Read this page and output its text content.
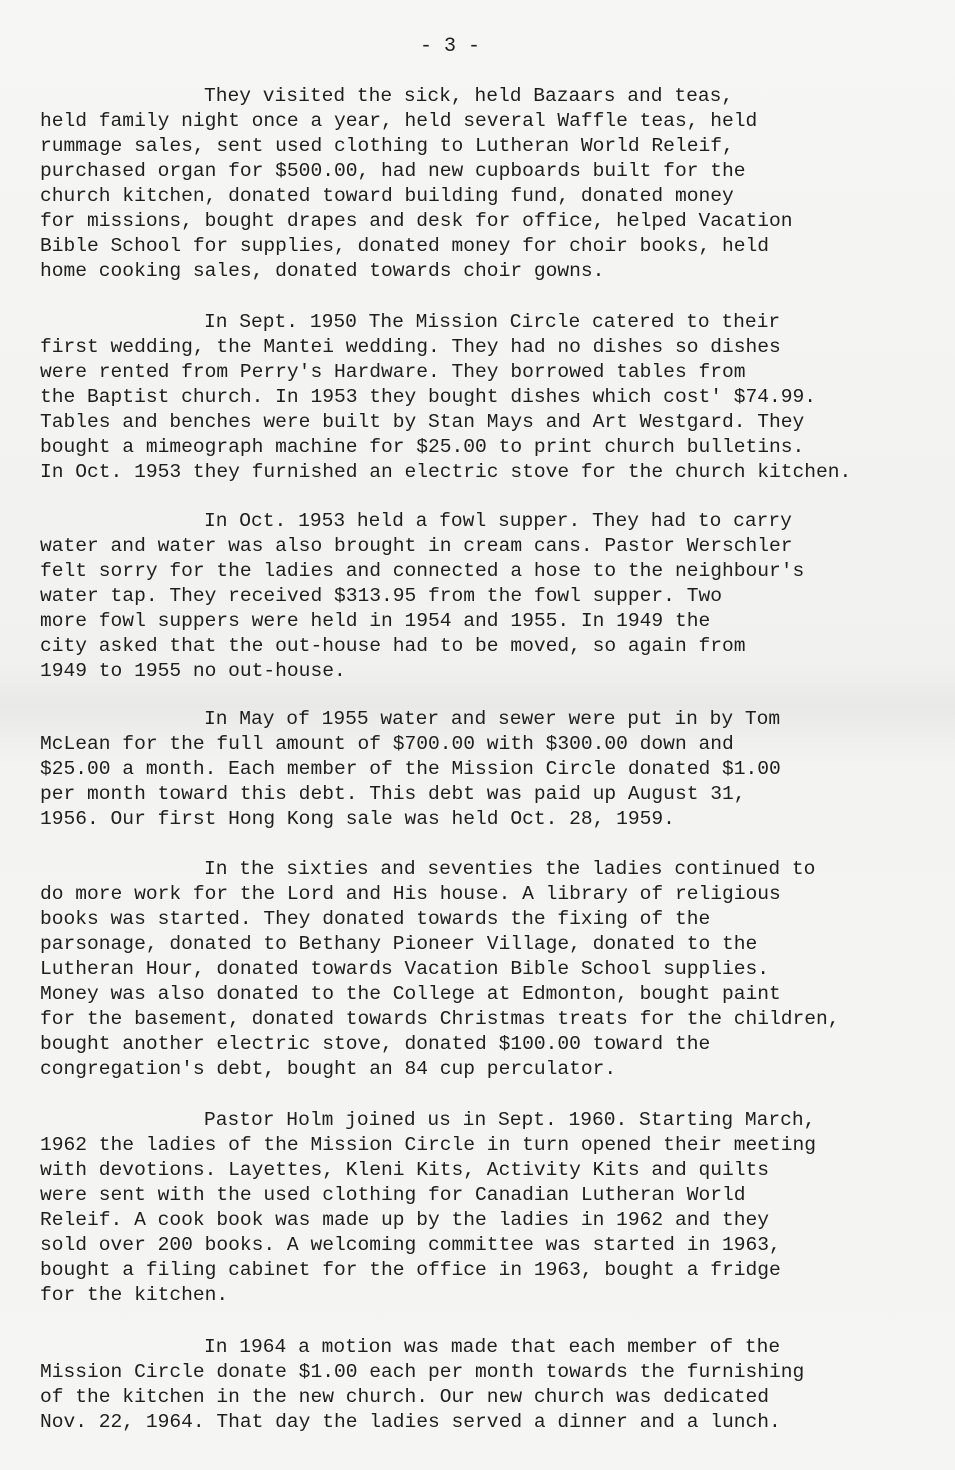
- 3 -
They visited the sick, held Bazaars and teas,
held family night once a year, held several Waffle teas, held
rummage sales, sent used clothing to Lutheran World Releif,
purchased organ for $500.00, had new cupboards built for the
church kitchen, donated toward building fund, donated money
for missions, bought drapes and desk for office, helped Vacation
Bible School for supplies, donated money for choir books, held
home cooking sales, donated towards choir gowns.
In Sept. 1950 The Mission Circle catered to their
first wedding, the Mantei wedding. They had no dishes so dishes
were rented from Perry's Hardware. They borrowed tables from
the Baptist church. In 1953 they bought dishes which cost' $74.99.
Tables and benches were built by Stan Mays and Art Westgard. They
bought a mimeograph machine for $25.00 to print church bulletins.
In Oct. 1953 they furnished an electric stove for the church kitchen.
In Oct. 1953 held a fowl supper. They had to carry
water and water was also brought in cream cans. Pastor Werschler
felt sorry for the ladies and connected a hose to the neighbour's
water tap. They received $313.95 from the fowl supper. Two
more fowl suppers were held in 1954 and 1955. In 1949 the
city asked that the out-house had to be moved, so again from
1949 to 1955 no out-house.
In May of 1955 water and sewer were put in by Tom
McLean for the full amount of $700.00 with $300.00 down and
$25.00 a month. Each member of the Mission Circle donated $1.00
per month toward this debt. This debt was paid up August 31,
1956. Our first Hong Kong sale was held Oct. 28, 1959.
In the sixties and seventies the ladies continued to
do more work for the Lord and His house. A library of religious
books was started. They donated towards the fixing of the
parsonage, donated to Bethany Pioneer Village, donated to the
Lutheran Hour, donated towards Vacation Bible School supplies.
Money was also donated to the College at Edmonton, bought paint
for the basement, donated towards Christmas treats for the children,
bought another electric stove, donated $100.00 toward the
congregation's debt, bought an 84 cup perculator.
Pastor Holm joined us in Sept. 1960. Starting March,
1962 the ladies of the Mission Circle in turn opened their meeting
with devotions. Layettes, Kleni Kits, Activity Kits and quilts
were sent with the used clothing for Canadian Lutheran World
Releif. A cook book was made up by the ladies in 1962 and they
sold over 200 books. A welcoming committee was started in 1963,
bought a filing cabinet for the office in 1963, bought a fridge
for the kitchen.
In 1964 a motion was made that each member of the
Mission Circle donate $1.00 each per month towards the furnishing
of the kitchen in the new church. Our new church was dedicated
Nov. 22, 1964. That day the ladies served a dinner and a lunch.
